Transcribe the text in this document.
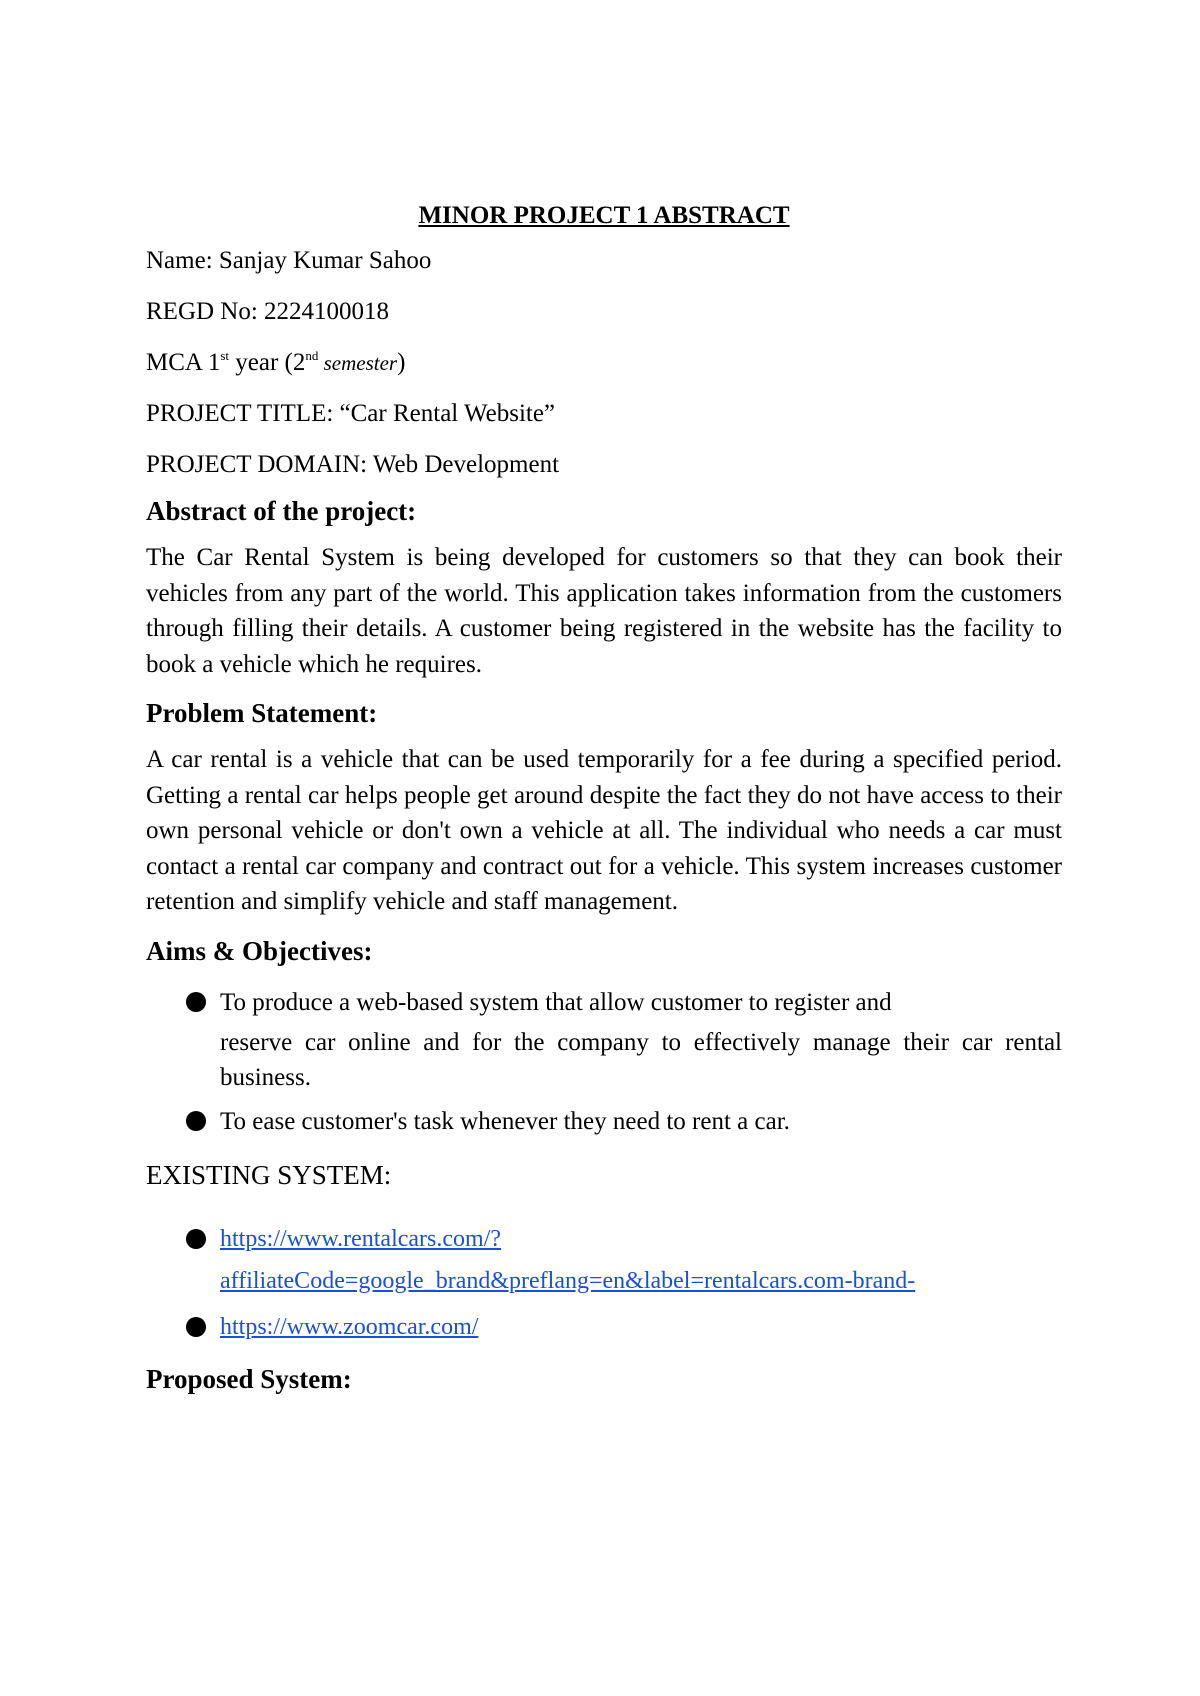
MINOR PROJECT 1 ABSTRACT
Name: Sanjay Kumar Sahoo
REGD No: 2224100018
MCA 1st year (2nd semester)
PROJECT TITLE: “Car Rental Website”
PROJECT DOMAIN: Web Development
Abstract of the project:

The Car Rental System is being developed for customers so that they can book their vehicles from any part of the world. This application takes information from the customers through filling their details. A customer being registered in the website has the facility to book a vehicle which he requires.

Problem Statement:

A car rental is a vehicle that can be used temporarily for a fee during a specified period. Getting a rental car helps people get around despite the fact they do not have access to their own personal vehicle or don't own a vehicle at all. The individual who needs a car must contact a rental car company and contract out for a vehicle. This system increases customer retention and simplify vehicle and staff management.

Aims & Objectives:
To produce a web-based system that allow customer to register and
reserve car online and for the company to effectively manage their car rental business.
To ease customer's task whenever they need to rent a car.
EXISTING SYSTEM:
https://www.rentalcars.com/?
affiliateCode=google_brand&preflang=en&label=rentalcars.com-brand-
https://www.zoomcar.com/
Proposed System:
